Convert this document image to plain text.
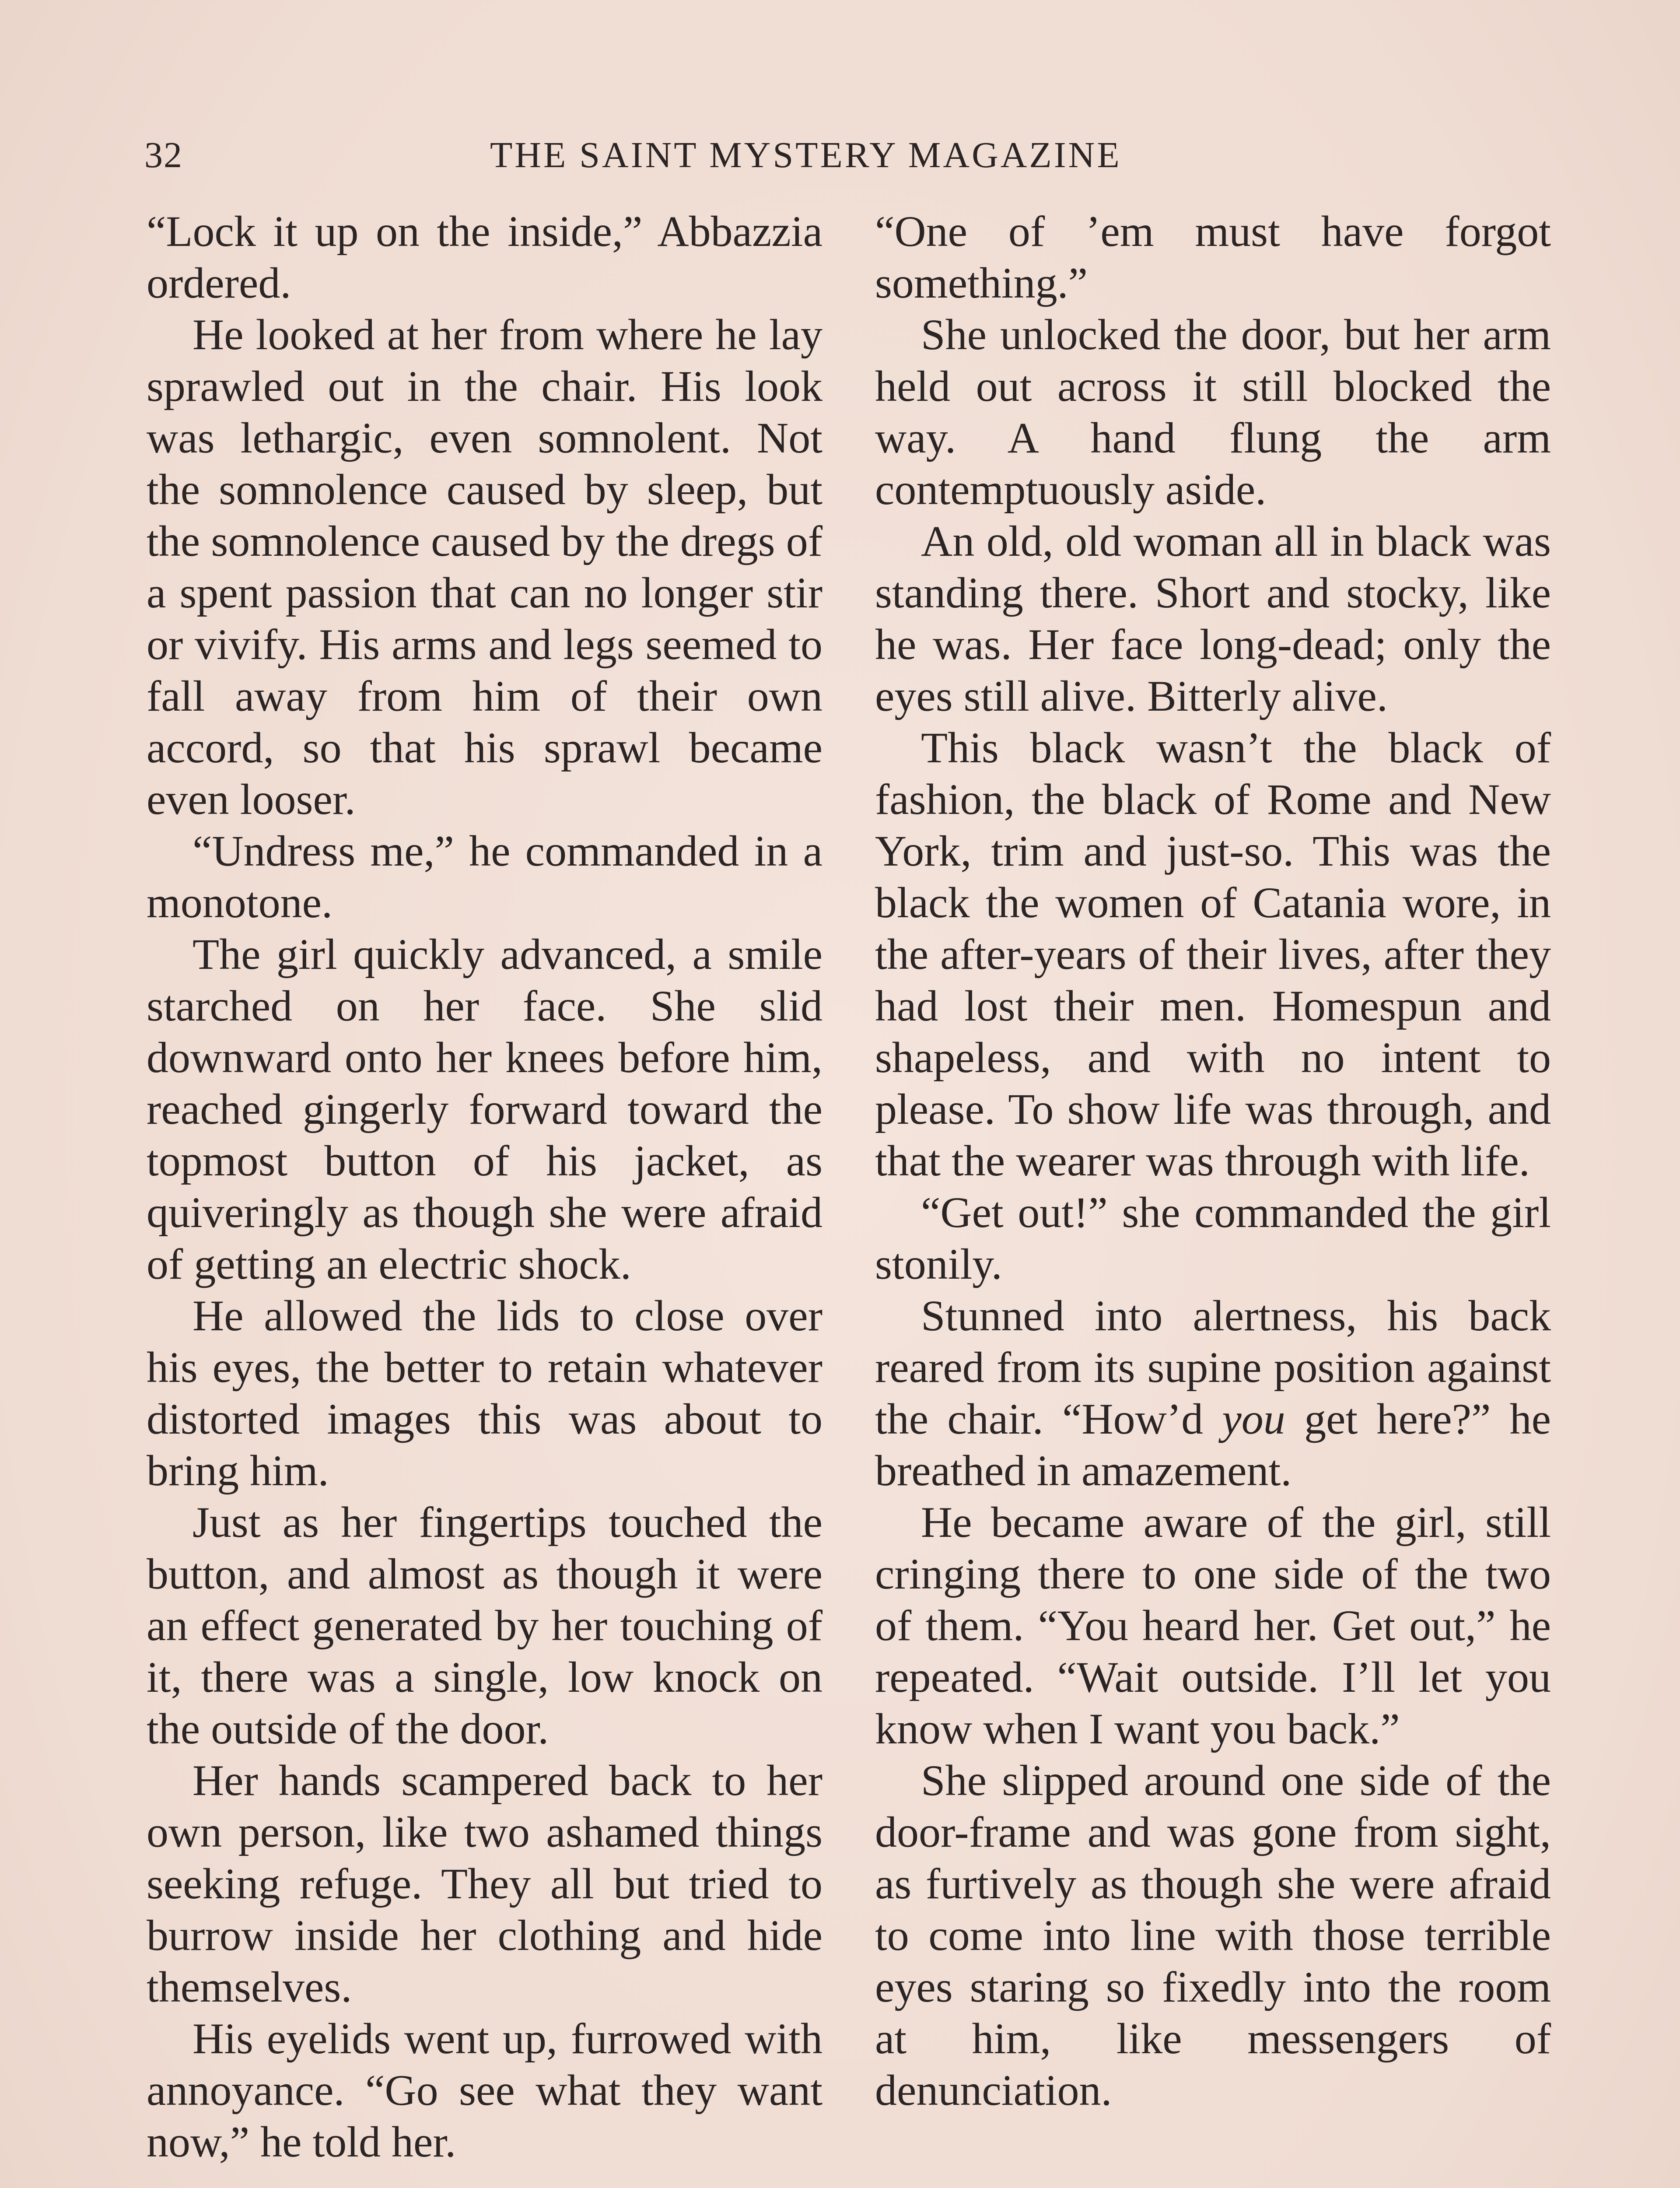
32	THE SAINT MYSTERY MAGAZINE

“Lock it up on the inside,” Abbazzia ordered.

He looked at her from where he lay sprawled out in the chair. His look was lethargic, even somnolent. Not the somnolence caused by sleep, but the somnolence caused by the dregs of a spent passion that can no longer stir or vivify. His arms and legs seemed to fall away from him of their own accord, so that his sprawl became even looser.

“Undress me,” he commanded in a monotone.

The girl quickly advanced, a smile starched on her face. She slid downward onto her knees before him, reached gingerly forward toward the topmost button of his jacket, as quiveringly as though she were afraid of getting an electric shock.

He allowed the lids to close over his eyes, the better to retain whatever distorted images this was about to bring him.

Just as her fingertips touched the button, and almost as though it were an effect generated by her touching of it, there was a single, low knock on the outside of the door.

Her hands scampered back to her own person, like two ashamed things seeking refuge. They all but tried to burrow inside her clothing and hide themselves.

His eyelids went up, furrowed with annoyance. “Go see what they want now,” he told her.

“One of ’em must have forgot something.”

She unlocked the door, but her arm held out across it still blocked the way. A hand flung the arm contemptuously aside.

An old, old woman all in black was standing there. Short and stocky, like he was. Her face long-dead; only the eyes still alive. Bitterly alive.

This black wasn’t the black of fashion, the black of Rome and New York, trim and just-so. This was the black the women of Catania wore, in the after-years of their lives, after they had lost their men. Homespun and shapeless, and with no intent to please. To show life was through, and that the wearer was through with life.

“Get out!” she commanded the girl stonily.

Stunned into alertness, his back reared from its supine position against the chair. “How’d you get here?” he breathed in amazement.

He became aware of the girl, still cringing there to one side of the two of them. “You heard her. Get out,” he repeated. “Wait outside. I’ll let you know when I want you back.”

She slipped around one side of the door-frame and was gone from sight, as furtively as though she were afraid to come into line with those terrible eyes staring so fixedly into the room at him, like messengers of denunciation.
